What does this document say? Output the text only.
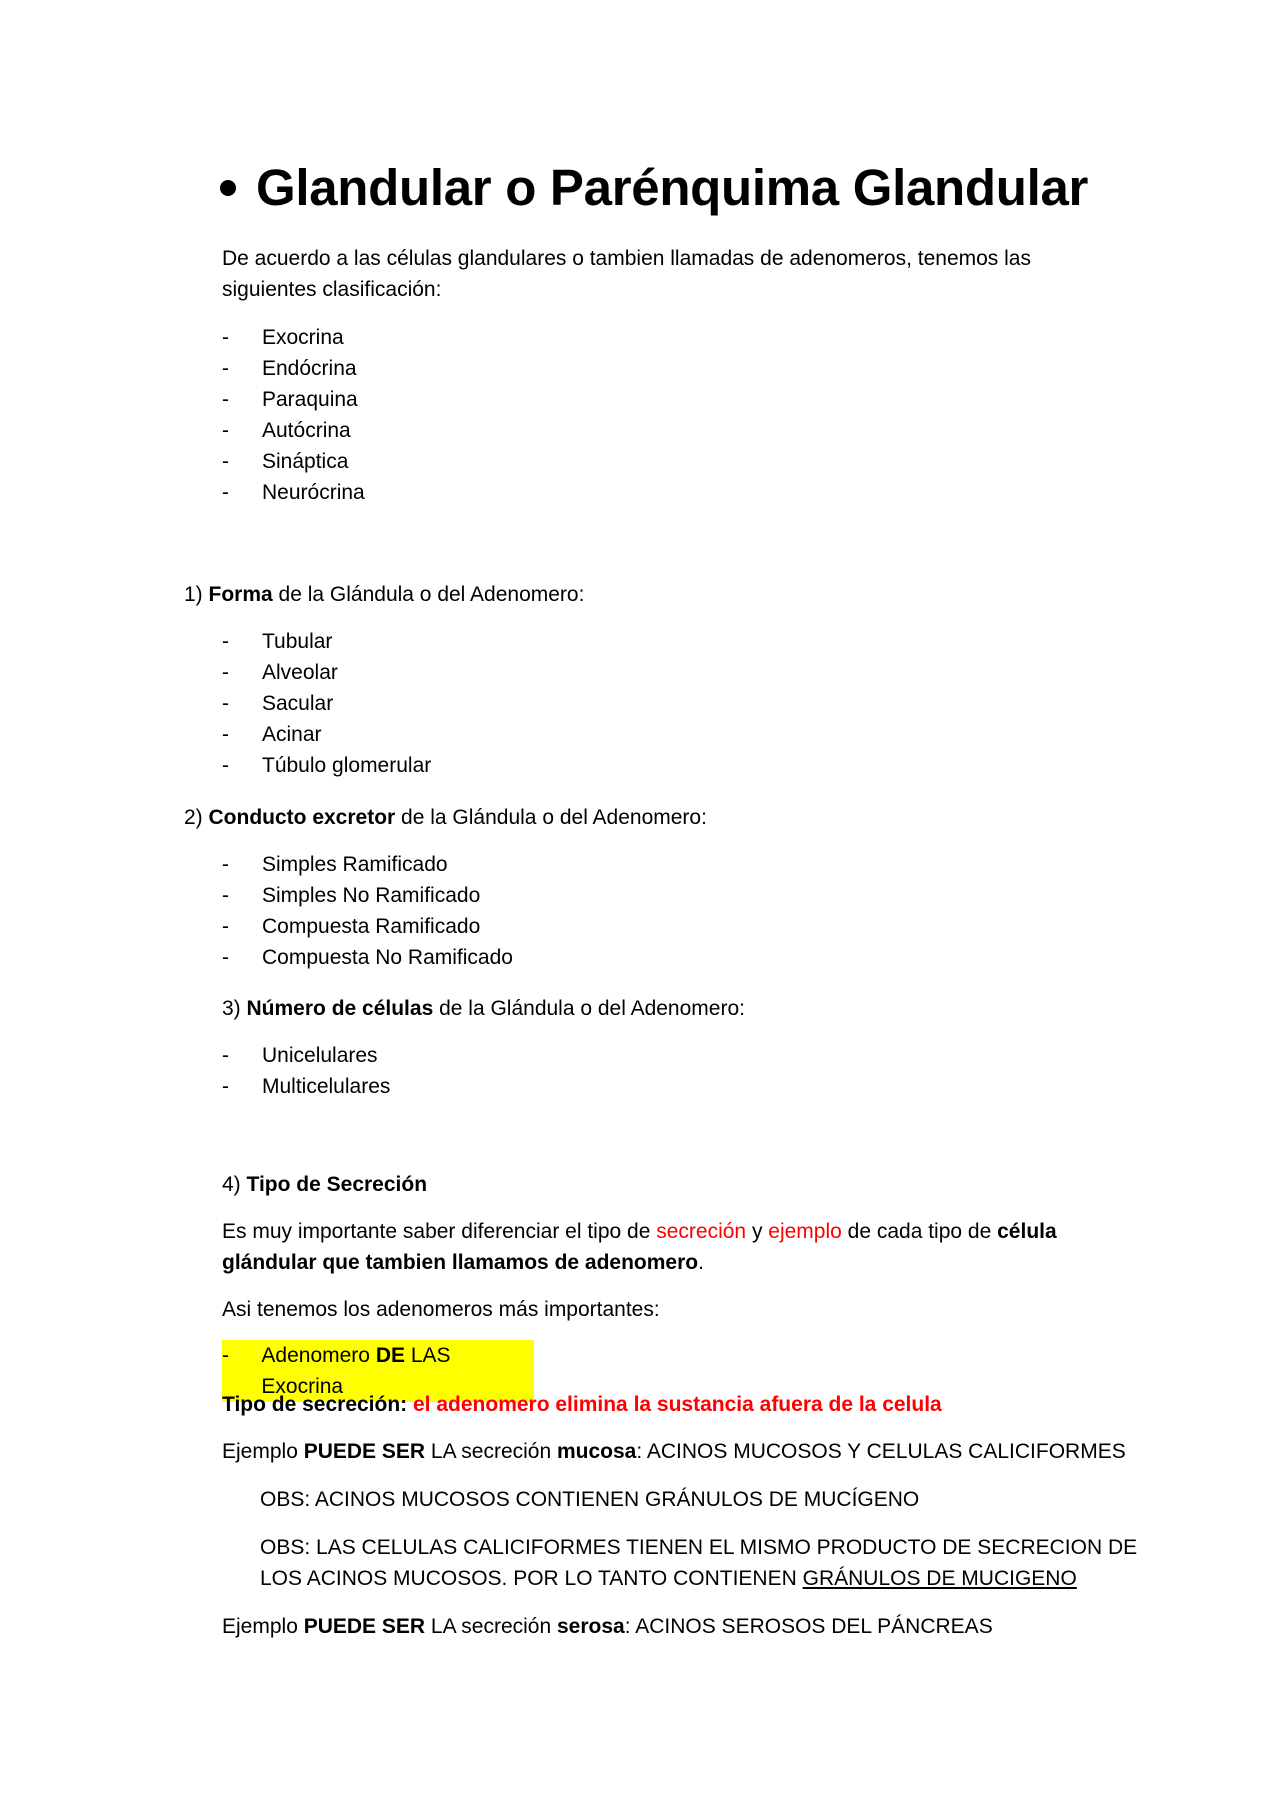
Glandular o Parénquima Glandular
De acuerdo a las células glandulares o tambien llamadas de adenomeros, tenemos las
siguientes clasificación:
-	Exocrina
-	Endócrina
-	Paraquina
-	Autócrina
-	Sináptica
-	Neurócrina
1) Forma de la Glándula o del Adenomero:
-	Tubular
-	Alveolar
-	Sacular
-	Acinar
-	Túbulo glomerular
2) Conducto excretor de la Glándula o del Adenomero:
-	Simples Ramificado
-	Simples No Ramificado
-	Compuesta Ramificado
-	Compuesta No Ramificado
3) Número de células de la Glándula o del Adenomero:
-	Unicelulares
-	Multicelulares
4) Tipo de Secreción
Es muy importante saber diferenciar el tipo de secreción y ejemplo de cada tipo de célula
glándular que tambien llamamos de adenomero.
Asi tenemos los adenomeros más importantes:
-	Adenomero DE LAS Exocrina
Tipo de secreción: el adenomero elimina la sustancia afuera de la celula
Ejemplo PUEDE SER LA secreción mucosa: ACINOS MUCOSOS Y CELULAS CALICIFORMES
OBS: ACINOS MUCOSOS CONTIENEN GRÁNULOS DE MUCÍGENO
OBS: LAS CELULAS CALICIFORMES TIENEN EL MISMO PRODUCTO DE SECRECION DE
LOS ACINOS MUCOSOS. POR LO TANTO CONTIENEN GRÁNULOS DE MUCIGENO
Ejemplo PUEDE SER LA secreción serosa: ACINOS SEROSOS DEL PÁNCREAS
